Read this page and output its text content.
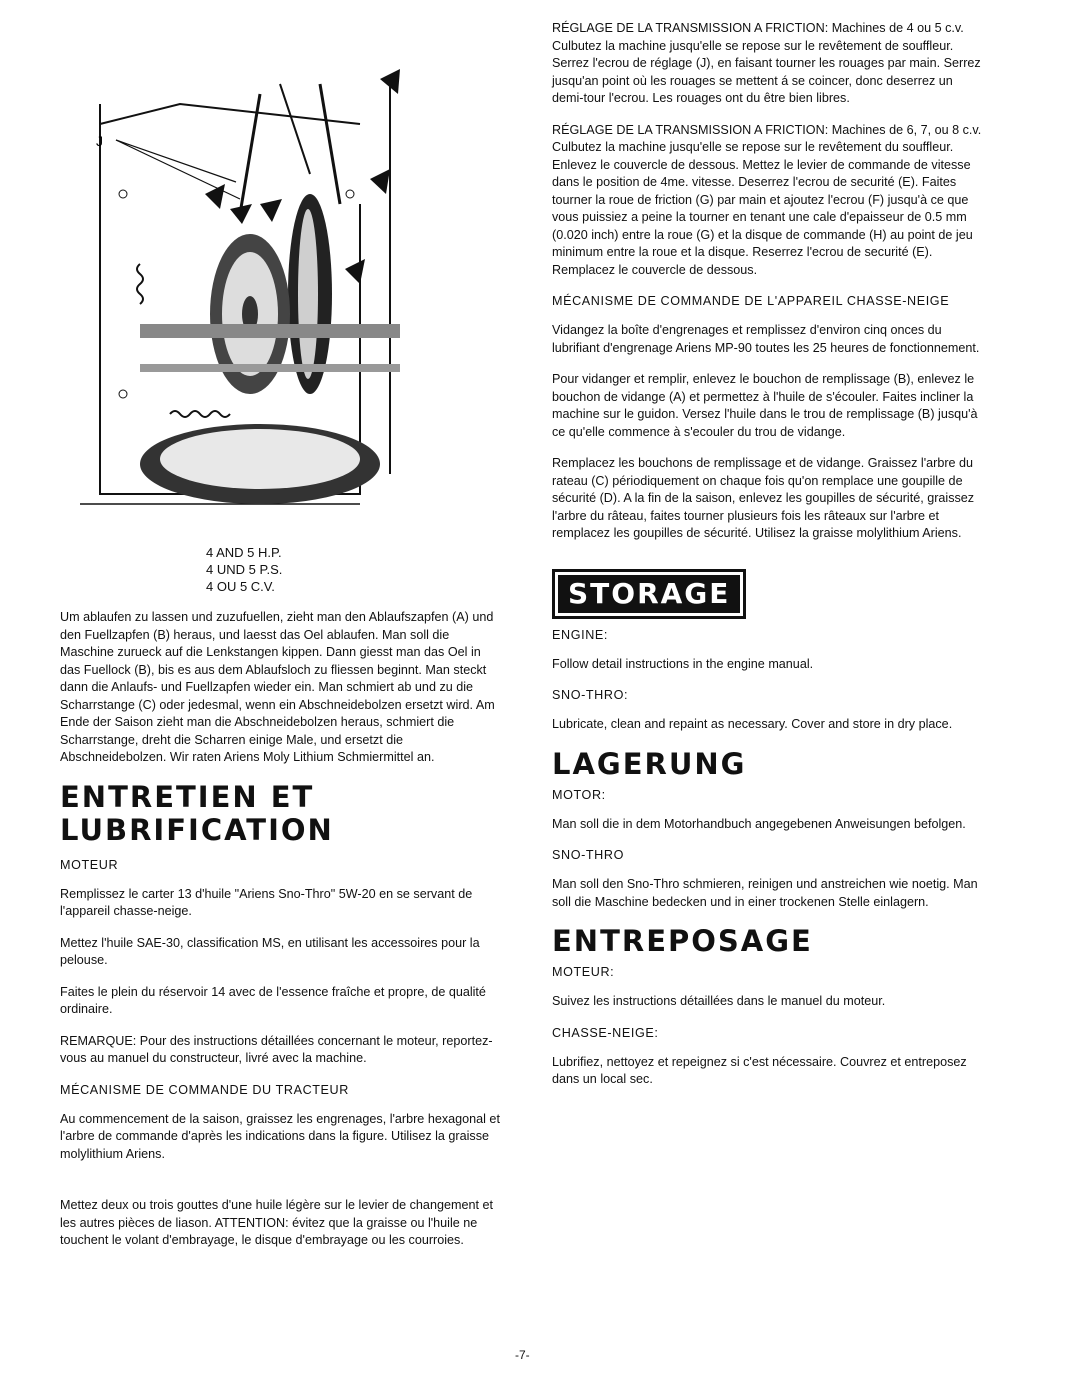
J
4 AND 5 H.P.
4 UND 5 P.S.
4 OU 5 C.V.

Um ablaufen zu lassen und zuzufuellen, zieht man den Ablaufszapfen (A) und den Fuellzapfen (B) heraus, und laesst das Oel ablaufen. Man soll die Maschine zurueck auf die Lenkstangen kippen. Dann giesst man das Oel in das Fuellock (B), bis es aus dem Ablaufsloch zu fliessen beginnt. Man steckt dann die Anlaufs- und Fuellzapfen wieder ein. Man schmiert ab und zu die Scharrstange (C) oder jedesmal, wenn ein Abschneidebolzen ersetzt wird. Am Ende der Saison zieht man die Abschneidebolzen heraus, schmiert die Scharrstange, dreht die Scharren einige Male, und ersetzt die Abschneidebolzen. Wir raten Ariens Moly Lithium Schmiermittel an.

ENTRETIEN ET

LUBRIFICATION

MOTEUR

Remplissez le carter 13 d'huile "Ariens Sno-Thro" 5W-20 en se servant de l'appareil chasse-neige.

Mettez l'huile SAE-30, classification MS, en utilisant les accessoires pour la pelouse.

Faites le plein du réservoir 14 avec de l'essence fraîche et propre, de qualité ordinaire.

REMARQUE: Pour des instructions détaillées concernant le moteur, reportez-vous au manuel du constructeur, livré avec la machine.

MÉCANISME DE COMMANDE DU TRACTEUR

Au commencement de la saison, graissez les engrenages, l'arbre hexagonal et l'arbre de commande d'après les indications dans la figure. Utilisez la graisse molylithium Ariens.

Mettez deux ou trois gouttes d'une huile légère sur le levier de changement et les autres pièces de liason. ATTENTION: évitez que la graisse ou l'huile ne touchent le volant d'embrayage, le disque d'embrayage ou les courroies.

RÉGLAGE DE LA TRANSMISSION A FRICTION: Machines de 4 ou 5 c.v. Culbutez la machine jusqu'elle se repose sur le revêtement de souffleur. Serrez l'ecrou de réglage (J), en faisant tourner les rouages par main. Serrez jusqu'an point où les rouages se mettent á se coincer, donc deserrez un demi-tour l'ecrou. Les rouages ont du être bien libres.

RÉGLAGE DE LA TRANSMISSION A FRICTION: Machines de 6, 7, ou 8 c.v. Culbutez la machine jusqu'elle se repose sur le revêtement du souffleur. Enlevez le couvercle de dessous. Mettez le levier de commande de vitesse dans le position de 4me. vitesse. Deserrez l'ecrou de securité (E). Faites tourner la roue de friction (G) par main et ajoutez l'ecrou (F) jusqu'à ce que vous puissiez a peine la tourner en tenant une cale d'epaisseur de 0.5 mm (0.020 inch) entre la roue (G) et la disque de commande (H) au point de jeu minimum entre la roue et la disque. Reserrez l'ecrou de securité (E). Remplacez le couvercle de dessous.

MÉCANISME DE COMMANDE DE L'APPAREIL CHASSE-NEIGE

Vidangez la boîte d'engrenages et remplissez d'environ cinq onces du lubrifiant d'engrenage Ariens MP-90 toutes les 25 heures de fonctionnement.

Pour vidanger et remplir, enlevez le bouchon de remplissage (B), enlevez le bouchon de vidange (A) et permettez à l'huile de s'écouler. Faites incliner la machine sur le guidon. Versez l'huile dans le trou de remplissage (B) jusqu'à ce qu'elle commence à s'ecouler du trou de vidange.

Remplacez les bouchons de remplissage et de vidange. Graissez l'arbre du rateau (C) périodiquement on chaque fois qu'on remplace une goupille de sécurité (D). A la fin de la saison, enlevez les goupilles de sécurité, graissez l'arbre du râteau, faites tourner plusieurs fois les râteaux sur l'arbre et remplacez les goupilles de sécurité. Utilisez la graisse molylithium Ariens.

STORAGE

ENGINE:

Follow detail instructions in the engine manual.

SNO-THRO:

Lubricate, clean and repaint as necessary. Cover and store in dry place.

LAGERUNG

MOTOR:

Man soll die in dem Motorhandbuch angegebenen Anweisungen befolgen.

SNO-THRO

Man soll den Sno-Thro schmieren, reinigen und anstreichen wie noetig. Man soll die Maschine bedecken und in einer trockenen Stelle einlagern.

ENTREPOSAGE

MOTEUR:

Suivez les instructions détaillées dans le manuel du moteur.

CHASSE-NEIGE:

Lubrifiez, nettoyez et repeignez si c'est nécessaire. Couvrez et entreposez dans un local sec.

-7-
